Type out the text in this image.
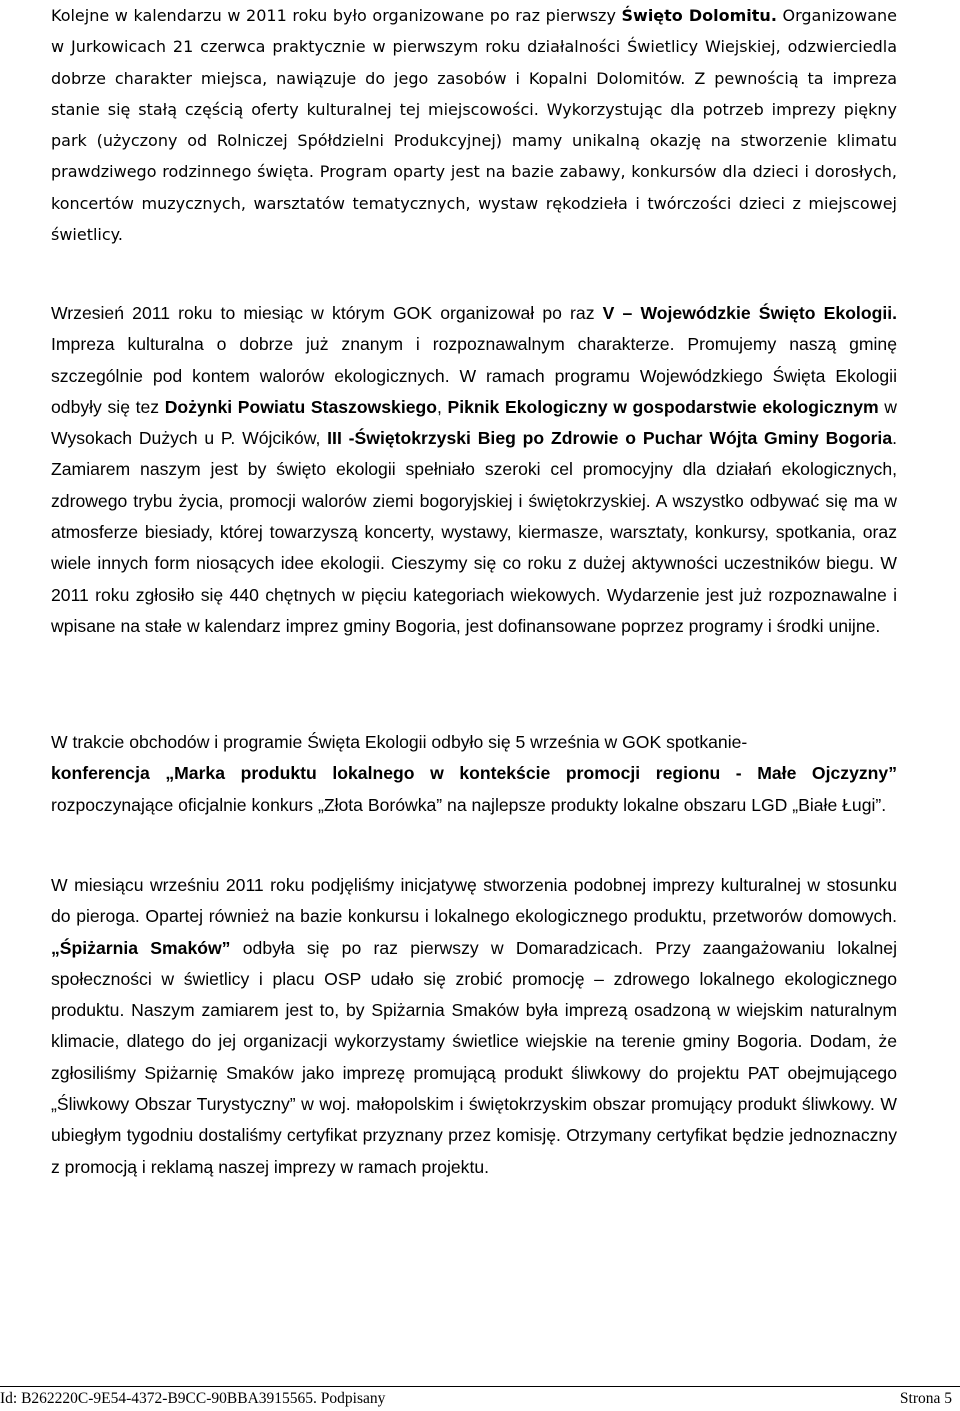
Kolejne w kalendarzu w 2011 roku było organizowane po raz pierwszy Święto Dolomitu. Organizowane w Jurkowicach 21 czerwca praktycznie w pierwszym roku działalności Świetlicy Wiejskiej, odzwierciedla dobrze charakter miejsca, nawiązuje do jego zasobów i Kopalni Dolomitów. Z pewnością ta impreza stanie się stałą częścią oferty kulturalnej tej miejscowości. Wykorzystując dla potrzeb imprezy piękny park (użyczony od Rolniczej Spółdzielni Produkcyjnej) mamy unikalną okazję na stworzenie klimatu prawdziwego rodzinnego święta. Program oparty jest na bazie zabawy, konkursów dla dzieci i dorosłych, koncertów muzycznych, warsztatów tematycznych, wystaw rękodzieła i twórczości dzieci z miejscowej świetlicy.

Wrzesień 2011 roku to miesiąc w którym GOK organizował po raz V – Wojewódzkie Święto Ekologii. Impreza kulturalna o dobrze już znanym i rozpoznawalnym charakterze. Promujemy naszą gminę szczególnie pod kontem walorów ekologicznych. W ramach programu Wojewódzkiego Święta Ekologii odbyły się tez Dożynki Powiatu Staszowskiego, Piknik Ekologiczny w gospodarstwie ekologicznym w Wysokach Dużych u P. Wójcików, III -Świętokrzyski Bieg po Zdrowie o Puchar Wójta Gminy Bogoria. Zamiarem naszym jest by święto ekologii spełniało szeroki cel promocyjny dla działań ekologicznych, zdrowego trybu życia, promocji walorów ziemi bogoryjskiej i świętokrzyskiej. A wszystko odbywać się ma w atmosferze biesiady, której towarzyszą koncerty, wystawy, kiermasze, warsztaty, konkursy, spotkania, oraz wiele innych form niosących idee ekologii. Cieszymy się co roku z dużej aktywności uczestników biegu. W 2011 roku zgłosiło się 440 chętnych w pięciu kategoriach wiekowych. Wydarzenie jest już rozpoznawalne i wpisane na stałe w kalendarz imprez gminy Bogoria, jest dofinansowane poprzez programy i środki unijne.

W trakcie obchodów i programie Święta Ekologii odbyło się 5 września w GOK spotkanie-
konferencja „Marka produktu lokalnego w kontekście promocji regionu - Małe Ojczyzny” rozpoczynające oficjalnie konkurs „Złota Borówka” na najlepsze produkty lokalne obszaru LGD „Białe Ługi”.

W miesiącu wrześniu 2011 roku podjęliśmy inicjatywę stworzenia podobnej imprezy kulturalnej w stosunku do pieroga. Opartej również na bazie konkursu i lokalnego ekologicznego produktu, przetworów domowych. „Śpiżarnia Smaków” odbyła się po raz pierwszy w Domaradzicach. Przy zaangażowaniu lokalnej społeczności w świetlicy i placu OSP udało się zrobić promocję – zdrowego lokalnego ekologicznego produktu. Naszym zamiarem jest to, by Spiżarnia Smaków była imprezą osadzoną w wiejskim naturalnym klimacie, dlatego do jej organizacji wykorzystamy świetlice wiejskie na terenie gminy Bogoria. Dodam, że zgłosiliśmy Spiżarnię Smaków jako imprezę promującą produkt śliwkowy do projektu PAT obejmującego „Śliwkowy Obszar Turystyczny” w woj. małopolskim i świętokrzyskim obszar promujący produkt śliwkowy. W ubiegłym tygodniu dostaliśmy certyfikat przyznany przez komisję. Otrzymany certyfikat będzie jednoznaczny z promocją i reklamą naszej imprezy w ramach projektu.

Id: B262220C-9E54-4372-B9CC-90BBA3915565. Podpisany	Strona 5
